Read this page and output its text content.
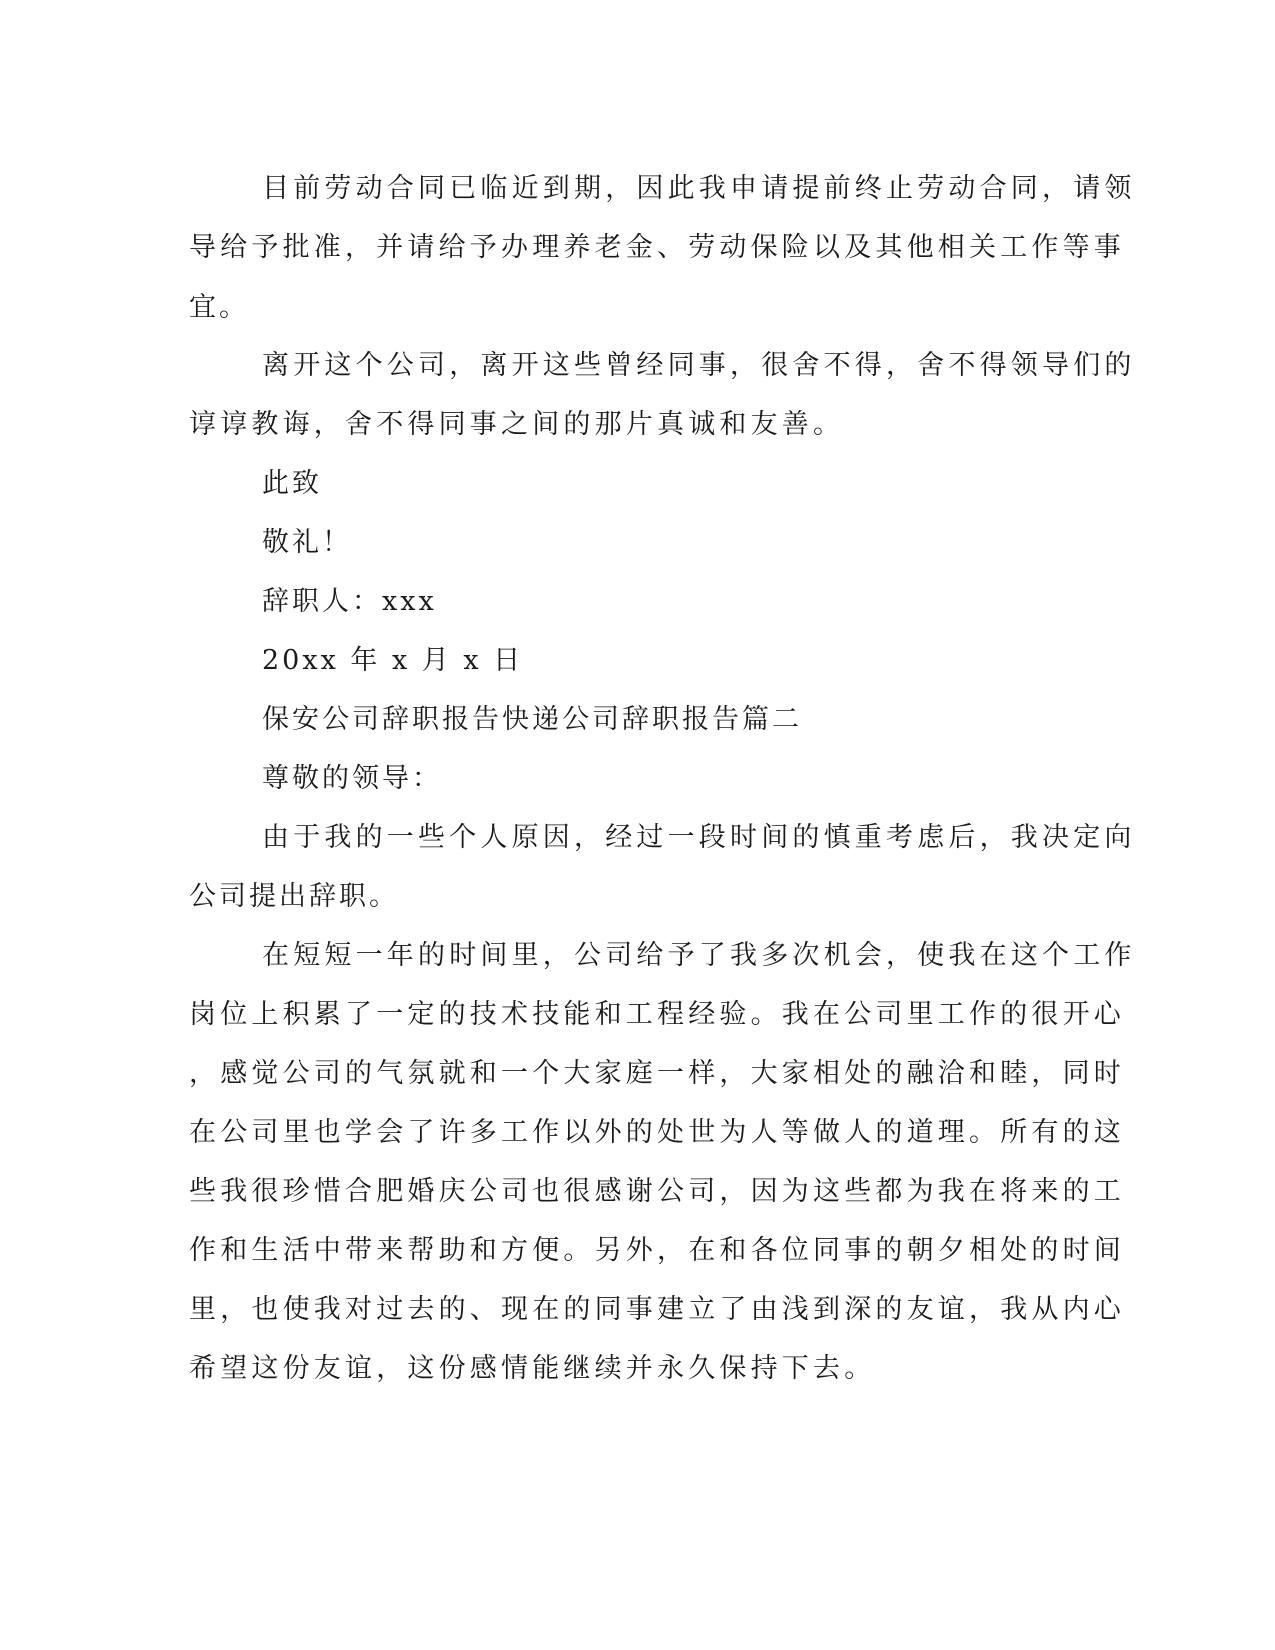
目前劳动合同已临近到期，因此我申请提前终止劳动合同，请领
导给予批准，并请给予办理养老金、劳动保险以及其他相关工作等事
宜。
离开这个公司，离开这些曾经同事，很舍不得，舍不得领导们的
谆谆教诲，舍不得同事之间的那片真诚和友善。
此致
敬礼！
辞职人：xxx
20xx 年 x 月 x 日
保安公司辞职报告快递公司辞职报告篇二
尊敬的领导：
由于我的一些个人原因，经过一段时间的慎重考虑后，我决定向
公司提出辞职。
在短短一年的时间里，公司给予了我多次机会，使我在这个工作
岗位上积累了一定的技术技能和工程经验。我在公司里工作的很开心
，感觉公司的气氛就和一个大家庭一样，大家相处的融洽和睦，同时
在公司里也学会了许多工作以外的处世为人等做人的道理。所有的这
些我很珍惜合肥婚庆公司也很感谢公司，因为这些都为我在将来的工
作和生活中带来帮助和方便。另外，在和各位同事的朝夕相处的时间
里，也使我对过去的、现在的同事建立了由浅到深的友谊，我从内心
希望这份友谊，这份感情能继续并永久保持下去。
